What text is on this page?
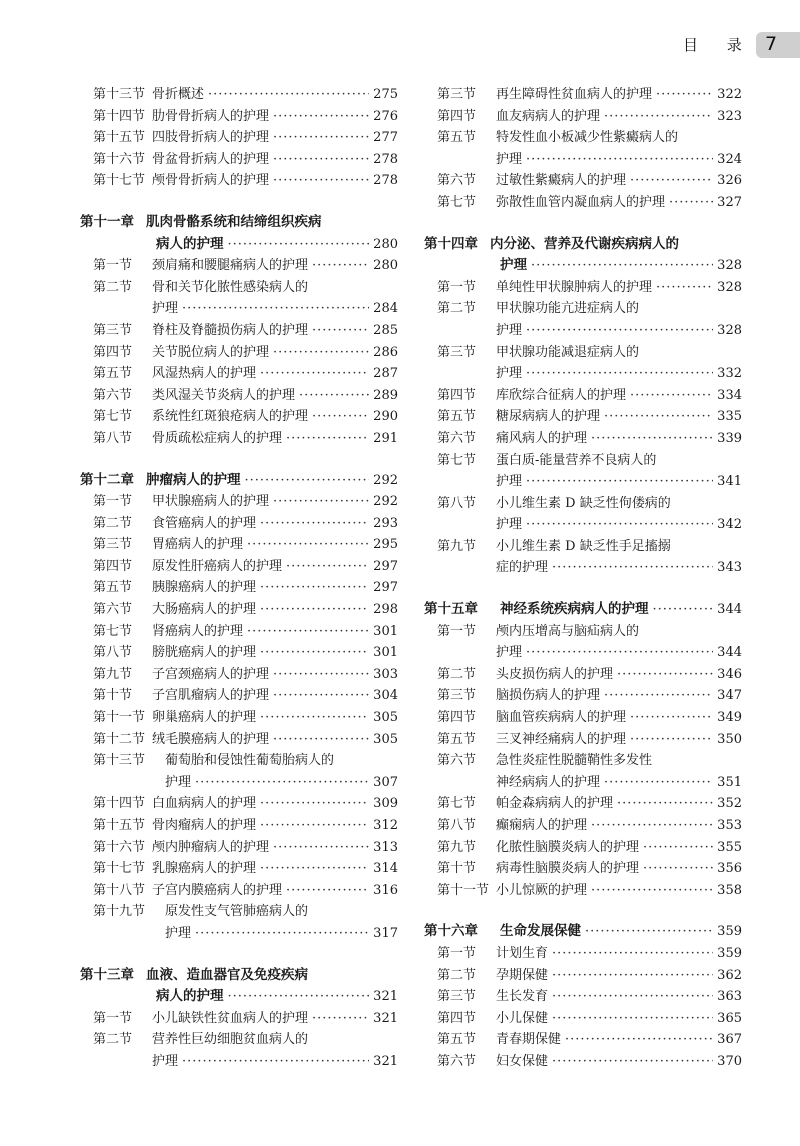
目 录 7
第十三节 骨折概述 ·····	275
第十四节 肋骨骨折病人的护理 ·····	276
第十五节 四肢骨折病人的护理 ·····	277
第十六节 骨盆骨折病人的护理 ·····	278
第十七节 颅骨骨折病人的护理 ·····	278
第十一章 肌肉骨骼系统和结缔组织疾病
病人的护理 ·····	280
第一节 颈肩痛和腰腿痛病人的护理 ·····	280
第二节 骨和关节化脓性感染病人的
护理 ·····	284
第三节 脊柱及脊髓损伤病人的护理 ·····	285
第四节 关节脱位病人的护理 ·····	286
第五节 风湿热病人的护理 ·····	287
第六节 类风湿关节炎病人的护理 ·····	289
第七节 系统性红斑狼疮病人的护理 ·····	290
第八节 骨质疏松症病人的护理 ·····	291
第十二章 肿瘤病人的护理 ·····	292
第一节 甲状腺癌病人的护理 ·····	292
第二节 食管癌病人的护理 ·····	293
第三节 胃癌病人的护理 ·····	295
第四节 原发性肝癌病人的护理 ·····	297
第五节 胰腺癌病人的护理 ·····	297
第六节 大肠癌病人的护理 ·····	298
第七节 肾癌病人的护理 ·····	301
第八节 膀胱癌病人的护理 ·····	301
第九节 子宫颈癌病人的护理 ·····	303
第十节 子宫肌瘤病人的护理 ·····	304
第十一节 卵巢癌病人的护理 ·····	305
第十二节 绒毛膜癌病人的护理 ·····	305
第十三节 葡萄胎和侵蚀性葡萄胎病人的
护理 ·····	307
第十四节 白血病病人的护理 ·····	309
第十五节 骨肉瘤病人的护理 ·····	312
第十六节 颅内肿瘤病人的护理 ·····	313
第十七节 乳腺癌病人的护理 ·····	314
第十八节 子宫内膜癌病人的护理 ·····	316
第十九节 原发性支气管肺癌病人的
护理 ·····	317
第十三章 血液、造血器官及免疫疾病
病人的护理 ·····	321
第一节 小儿缺铁性贫血病人的护理 ·····	321
第二节 营养性巨幼细胞贫血病人的
护理 ·····	321
第三节 再生障碍性贫血病人的护理 ·····	322
第四节 血友病病人的护理 ·····	323
第五节 特发性血小板减少性紫癜病人的
护理 ·····	324
第六节 过敏性紫癜病人的护理 ·····	326
第七节 弥散性血管内凝血病人的护理 ·····	327
第十四章 内分泌、营养及代谢疾病病人的
护理 ·····	328
第一节 单纯性甲状腺肿病人的护理 ·····	328
第二节 甲状腺功能亢进症病人的
护理 ·····	328
第三节 甲状腺功能减退症病人的
护理 ·····	332
第四节 库欣综合征病人的护理 ·····	334
第五节 糖尿病病人的护理 ·····	335
第六节 痛风病人的护理 ·····	339
第七节 蛋白质-能量营养不良病人的
护理 ·····	341
第八节 小儿维生素 D 缺乏性佝偻病的
护理 ·····	342
第九节 小儿维生素 D 缺乏性手足搐搦
症的护理 ·····	343
第十五章 神经系统疾病病人的护理 ·····	344
第一节 颅内压增高与脑疝病人的
护理 ·····	344
第二节 头皮损伤病人的护理 ·····	346
第三节 脑损伤病人的护理 ·····	347
第四节 脑血管疾病病人的护理 ·····	349
第五节 三叉神经痛病人的护理 ·····	350
第六节 急性炎症性脱髓鞘性多发性
神经病病人的护理 ·····	351
第七节 帕金森病病人的护理 ·····	352
第八节 癫痫病人的护理 ·····	353
第九节 化脓性脑膜炎病人的护理 ·····	355
第十节 病毒性脑膜炎病人的护理 ·····	356
第十一节 小儿惊厥的护理 ·····	358
第十六章 生命发展保健 ·····	359
第一节 计划生育 ·····	359
第二节 孕期保健 ·····	362
第三节 生长发育 ·····	363
第四节 小儿保健 ·····	365
第五节 青春期保健 ·····	367
第六节 妇女保健 ·····	370
